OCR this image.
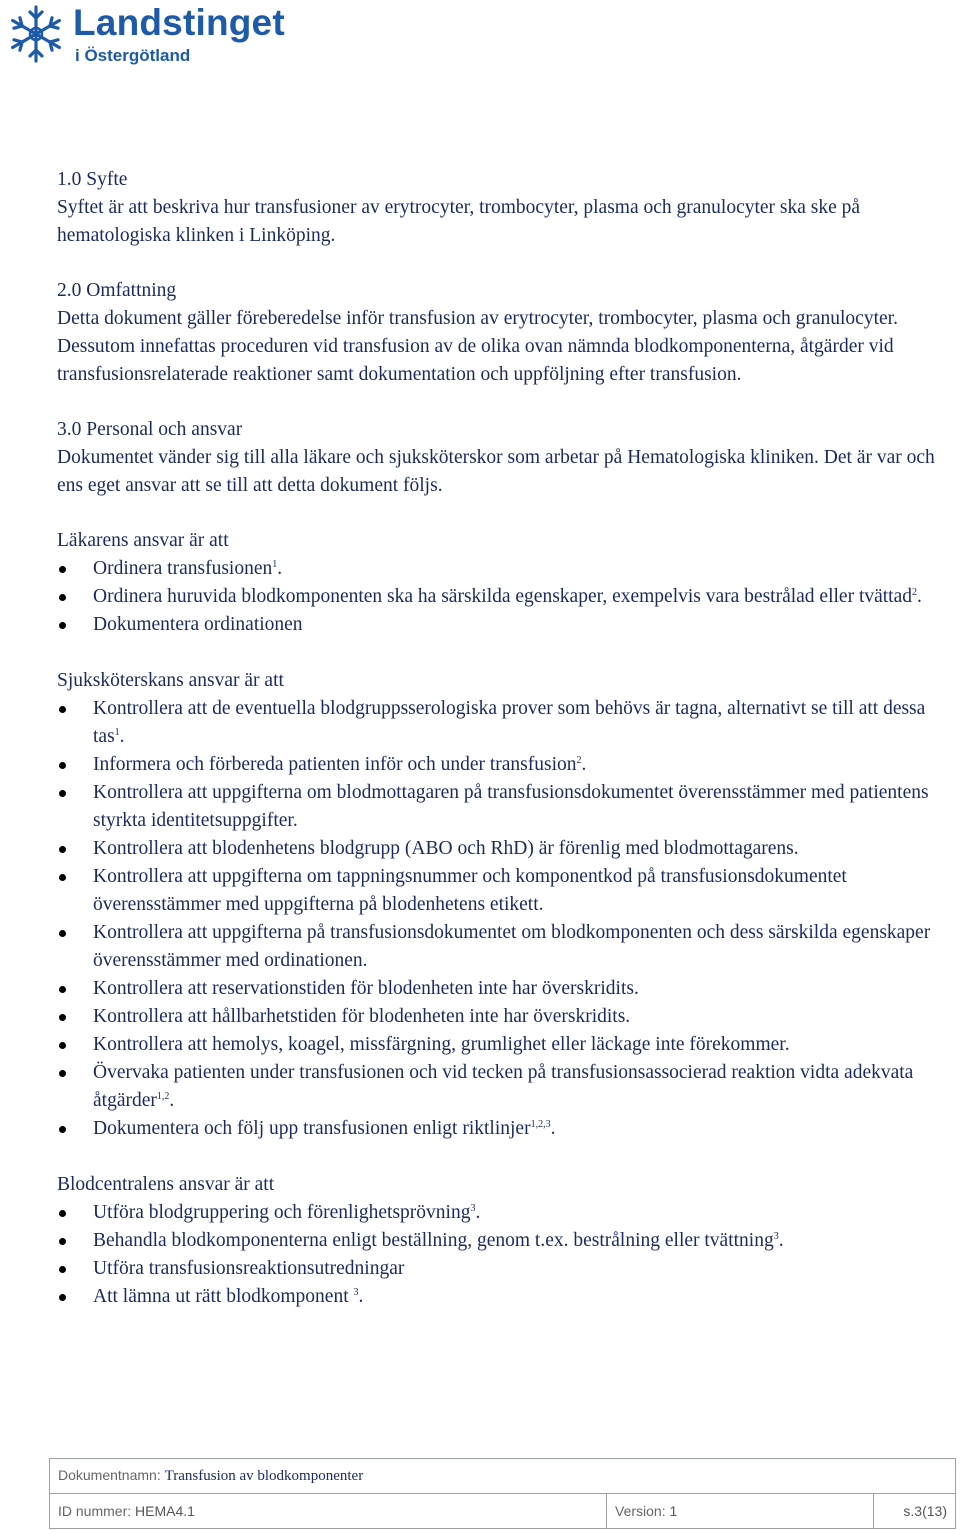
Landstinget
i Östergötland
1.0 Syfte

Syftet är att beskriva hur transfusioner av erytrocyter, trombocyter, plasma och granulocyter ska ske på hematologiska klinken i Linköping.

2.0 Omfattning

Detta dokument gäller föreberedelse inför transfusion av erytrocyter, trombocyter, plasma och granulocyter. Dessutom innefattas proceduren vid transfusion av de olika ovan nämnda blodkomponenterna, åtgärder vid transfusionsrelaterade reaktioner samt dokumentation och uppföljning efter transfusion.

3.0 Personal och ansvar

Dokumentet vänder sig till alla läkare och sjuksköterskor som arbetar på Hematologiska kliniken. Det är var och ens eget ansvar att se till att detta dokument följs.

Läkarens ansvar är att

Ordinera transfusionen$^1$.
Ordinera huruvida blodkomponenten ska ha särskilda egenskaper, exempelvis vara bestrålad eller tvättad$^2$.
Dokumentera ordinationen

Sjuksköterskans ansvar är att

Kontrollera att de eventuella blodgruppsserologiska prover som behövs är tagna, alternativt se till att dessa tas$^1$.
Informera och förbereda patienten inför och under transfusion$^2$.
Kontrollera att uppgifterna om blodmottagaren på transfusionsdokumentet överensstämmer med patientens styrkta identitetsuppgifter.
Kontrollera att blodenhetens blodgrupp (ABO och RhD) är förenlig med blodmottagarens.
Kontrollera att uppgifterna om tappningsnummer och komponentkod på transfusionsdokumentet överensstämmer med uppgifterna på blodenhetens etikett.
Kontrollera att uppgifterna på transfusionsdokumentet om blodkomponenten och dess särskilda egenskaper överensstämmer med ordinationen.
Kontrollera att reservationstiden för blodenheten inte har överskridits.
Kontrollera att hållbarhetstiden för blodenheten inte har överskridits.
Kontrollera att hemolys, koagel, missfärgning, grumlighet eller läckage inte förekommer.
Övervaka patienten under transfusionen och vid tecken på transfusionsassocierad reaktion vidta adekvata åtgärder$^{1,2}$.
Dokumentera och följ upp transfusionen enligt riktlinjer$^{1,2,3}$.

Blodcentralens ansvar är att

Utföra blodgruppering och förenlighetsprövning$^3$.
Behandla blodkomponenterna enligt beställning, genom t.ex. bestrålning eller tvättning$^3$.
Utföra transfusionsreaktionsutredningar
Att lämna ut rätt blodkomponent $^3$.
Dokumentnamn: Transfusion av blodkomponenter
ID nummer: HEMA4.1	Version: 1	s.3(13)
